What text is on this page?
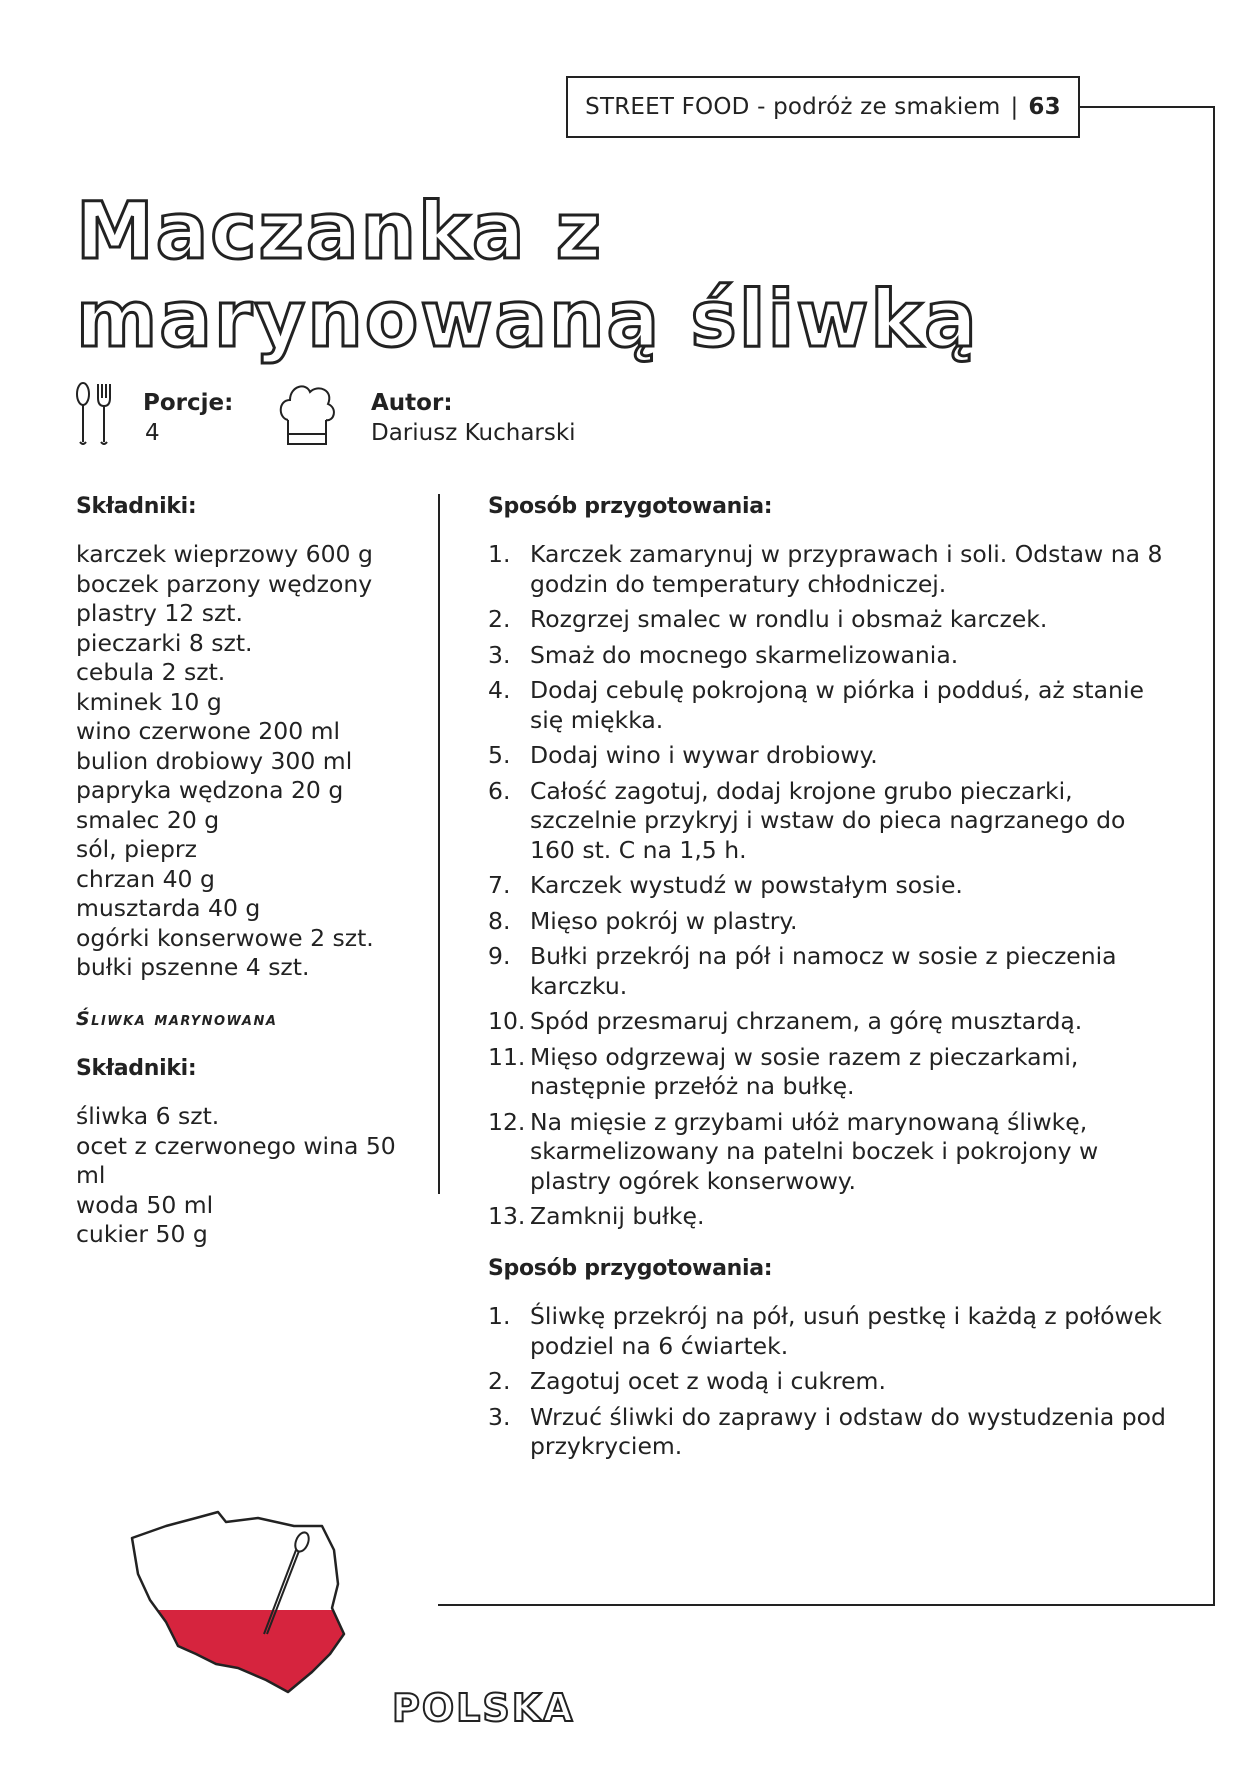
STREET FOOD - podróż ze smakiem | 63
Maczanka z marynowaną śliwką
Porcje:
4
Autor:
Dariusz Kucharski
Składniki:
karczek wieprzowy 600 g
boczek parzony wędzony plastry 12 szt.
pieczarki 8 szt.
cebula 2 szt.
kminek 10 g
wino czerwone 200 ml
bulion drobiowy 300 ml
papryka wędzona 20 g
smalec 20 g
sól, pieprz
chrzan 40 g
musztarda 40 g
ogórki konserwowe 2 szt.
bułki pszenne 4 szt.
Śliwka marynowana
Składniki:
śliwka 6 szt.
ocet z czerwonego wina 50 ml
woda 50 ml
cukier 50 g
Sposób przygotowania:
1. Karczek zamarynuj w przyprawach i soli. Odstaw na 8 godzin do temperatury chłodniczej.
2. Rozgrzej smalec w rondlu i obsmaż karczek.
3. Smaż do mocnego skarmelizowania.
4. Dodaj cebulę pokrojoną w piórka i podduś, aż stanie się miękka.
5. Dodaj wino i wywar drobiowy.
6. Całość zagotuj, dodaj krojone grubo pieczarki, szczelnie przykryj i wstaw do pieca nagrzanego do 160 st. C na 1,5 h.
7. Karczek wystudź w powstałym sosie.
8. Mięso pokrój w plastry.
9. Bułki przekrój na pół i namocz w sosie z pieczenia karczku.
10. Spód przesmaruj chrzanem, a górę musztardą.
11. Mięso odgrzewaj w sosie razem z pieczarkami, następnie przełóż na bułkę.
12. Na mięsie z grzybami ułóż marynowaną śliwkę, skarmelizowany na patelni boczek i pokrojony w plastry ogórek konserwowy.
13. Zamknij bułkę.
Sposób przygotowania:
1. Śliwkę przekrój na pół, usuń pestkę i każdą z połówek podziel na 6 ćwiartek.
2. Zagotuj ocet z wodą i cukrem.
3. Wrzuć śliwki do zaprawy i odstaw do wystudzenia pod przykryciem.
POLSKA
